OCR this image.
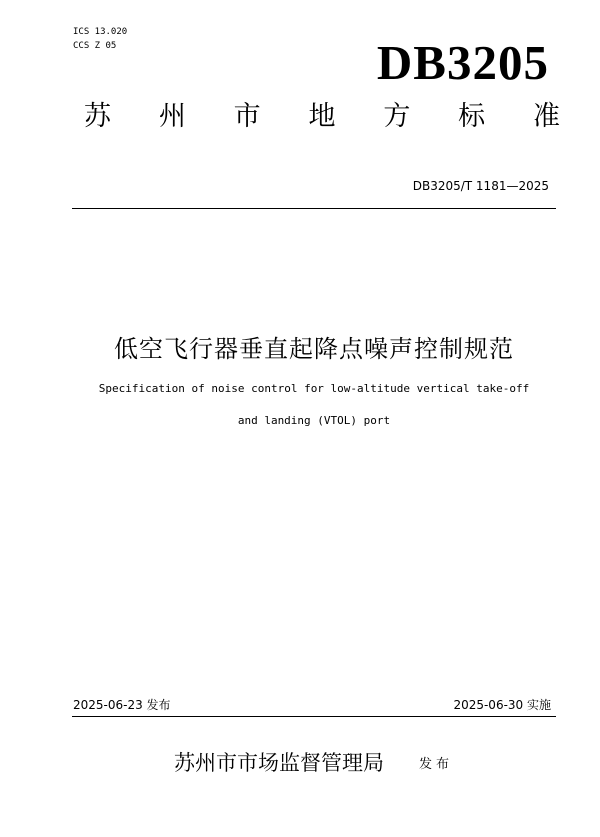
ICS 13.020
CCS Z 05	DB3205
苏 州 市 地 方 标 准
DB3205/T 1181—2025
低空飞行器垂直起降点噪声控制规范
Specification of noise control for low-altitude vertical take-off
and landing (VTOL) port
2025-06-23 发布	2025-06-30 实施
苏州市市场监督管理局	发布
